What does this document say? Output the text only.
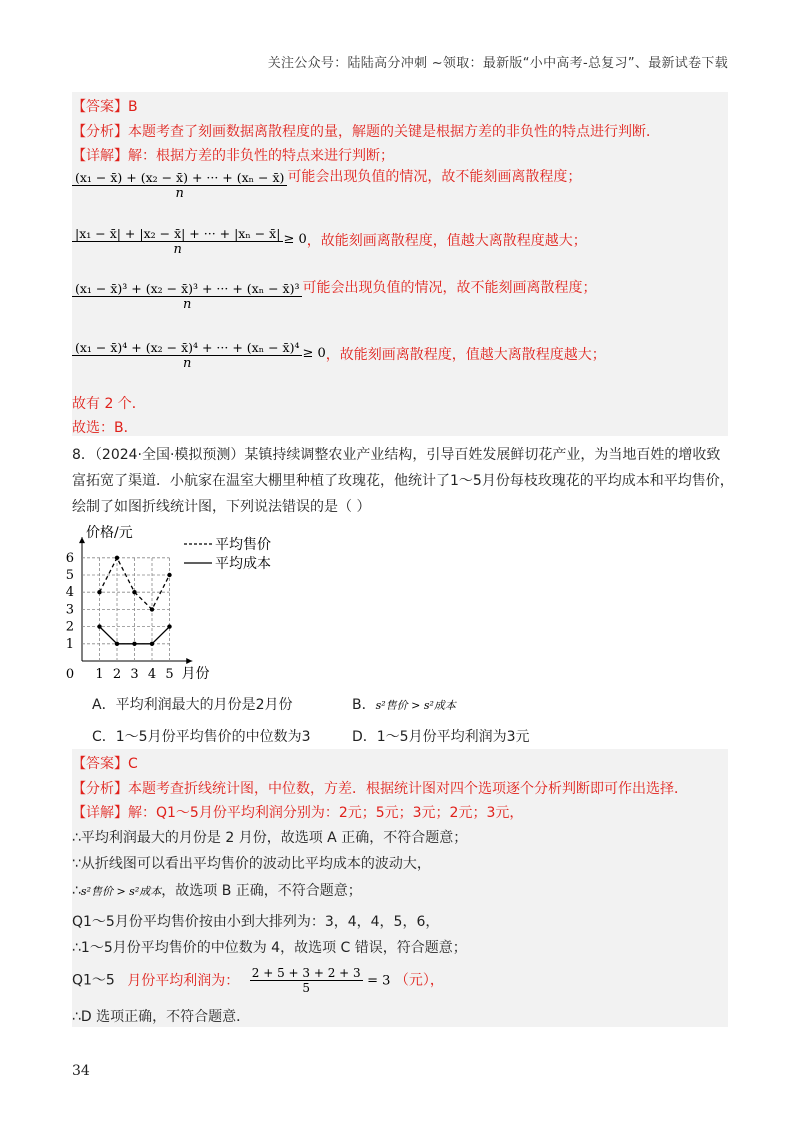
关注公众号：陆陆高分冲刺 ~领取：最新版“小中高考-总复习”、最新试卷下载
【答案】B
【分析】本题考查了刻画数据离散程度的量，解题的关键是根据方差的非负性的特点进行判断．
【详解】解：根据方差的非负性的特点来进行判断；
$\frac{\text{(x₁ − x̄) + (x₂ − x̄) + ··· + (xₙ − x̄)}}{n}$ 可能会出现负值的情况，故不能刻画离散程度；
$\frac{\text{|x₁ − x̄| + |x₂ − x̄| + ··· + |xₙ − x̄|}}{n} \ge 0$，故能刻画离散程度，值越大离散程度越大；
$\frac{\text{(x₁ − x̄)³ + (x₂ − x̄)³ + ··· + (xₙ − x̄)³}}{n}$ 可能会出现负值的情况，故不能刻画离散程度；
$\frac{\text{(x₁ − x̄)⁴ + (x₂ − x̄)⁴ + ··· + (xₙ − x̄)⁴}}{n} \ge 0$，故能刻画离散程度，值越大离散程度越大；
故有 2 个．
故选：B．
8．（2024·全国·模拟预测）某镇持续调整农业产业结构，引导百姓发展鲜切花产业，为当地百姓的增收致
富拓宽了渠道．小航家在温室大棚里种植了玫瑰花，他统计了1～5月份每枝玫瑰花的平均成本和平均售价，
绘制了如图折线统计图，下列说法错误的是（ ）
0 1 2 3 4 5
1
2
3
4
5
6
价格/元
月份
平均售价
平均成本
A．平均利润最大的月份是2月份	B．s²售价 > s²成本
C．1～5月份平均售价的中位数为3	D．1～5月份平均利润为3元
【答案】C
【分析】本题考查折线统计图，中位数，方差．根据统计图对四个选项逐个分析判断即可作出选择．
【详解】解：Q1～5月份平均利润分别为：2元；5元；3元；2元；3元，
∴平均利润最大的月份是 2 月份，故选项 A 正确，不符合题意；
∵从折线图可以看出平均售价的波动比平均成本的波动大，
∴s²售价 > s²成本，故选项 B 正确，不符合题意；
Q1～5月份平均售价按由小到大排列为：3，4，4，5，6，
∴1～5月份平均售价的中位数为 4，故选项 C 错误，符合题意；
Q1～5 月份平均利润为： $\frac{2 + 5 + 3 + 2 + 3}{5} = 3$ （元），
∴D 选项正确，不符合题意．
34
